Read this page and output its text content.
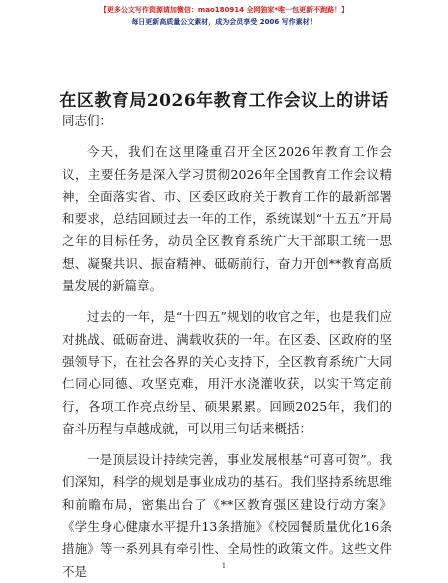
【更多公文写作资源请加微信：mao180914 全网独家*唯一包更新不跑路！】
每日更新高质量公文素材，成为会员享受 2006 写作素材！
在区教育局2026年教育工作会议上的讲话

同志们：

今天，我们在这里隆重召开全区2026年教育工作会议，主要任务是深入学习贯彻2026年全国教育工作会议精神，全面落实省、市、区委区政府关于教育工作的最新部署和要求，总结回顾过去一年的工作，系统谋划“十五五”开局之年的目标任务，动员全区教育系统广大干部职工统一思想、凝聚共识、振奋精神、砥砺前行，奋力开创**教育高质量发展的新篇章。

过去的一年，是“十四五”规划的收官之年，也是我们应对挑战、砥砺奋进、满载收获的一年。在区委、区政府的坚强领导下，在社会各界的关心支持下，全区教育系统广大同仁同心同德、攻坚克难，用汗水浇灌收获，以实干笃定前行，各项工作亮点纷呈、硕果累累。回顾2025年，我们的奋斗历程与卓越成就，可以用三句话来概括：

一是顶层设计持续完善，事业发展根基“可喜可贺”。我们深知，科学的规划是事业成功的基石。我们坚持系统思维和前瞻布局，密集出台了《**区教育强区建设行动方案》《学生身心健康水平提升13条措施》《校园餐质量优化16条措施》等一系列具有牵引性、全局性的政策文件。这些文件不是	1
